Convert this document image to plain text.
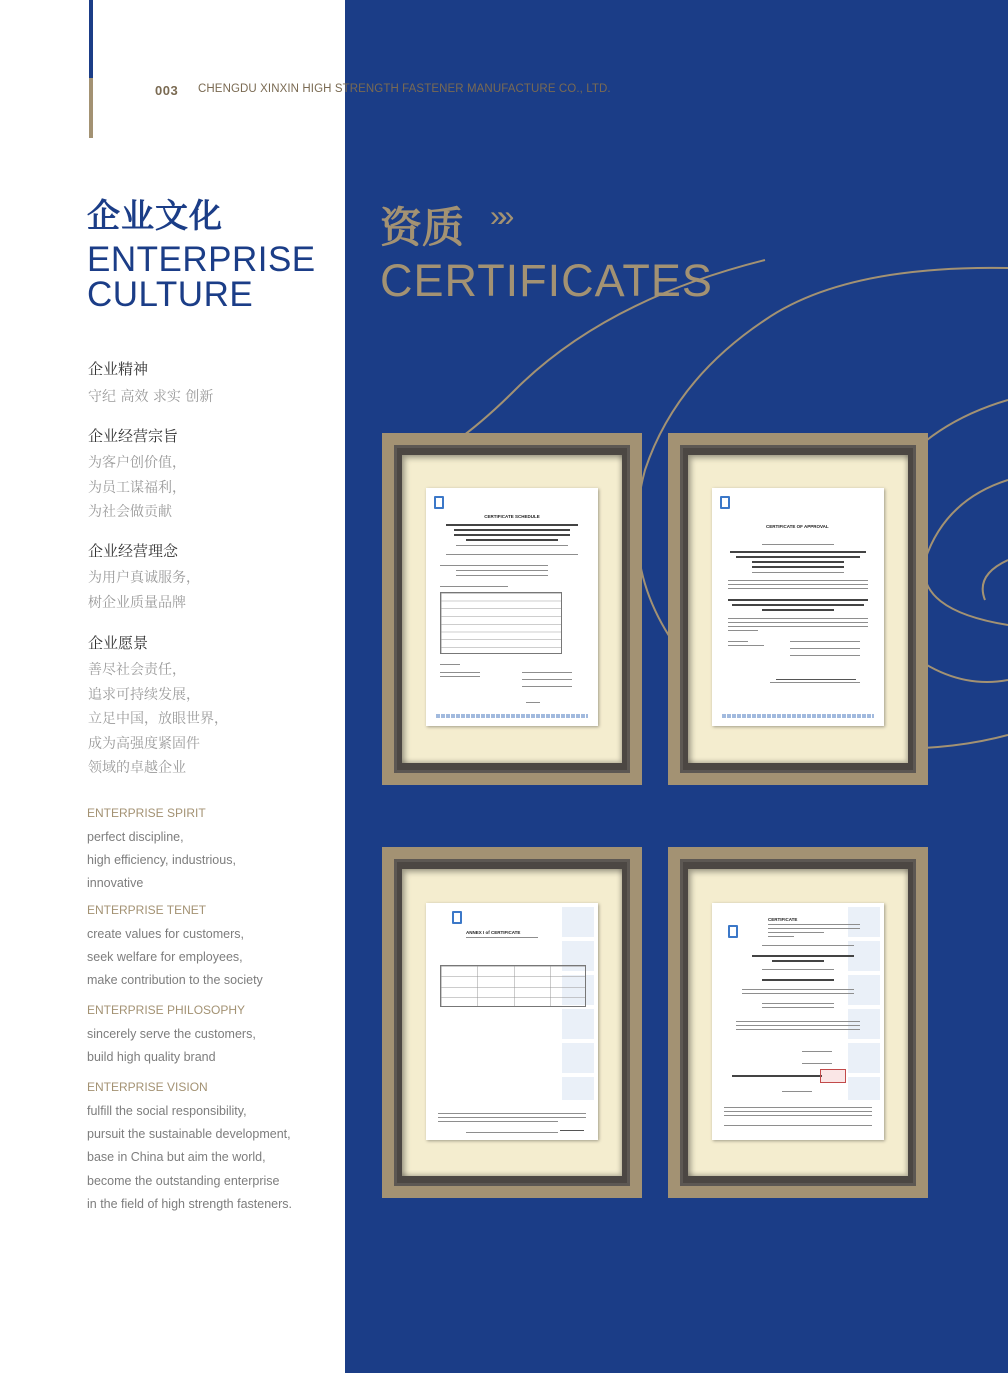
003 CHENGDU XINXIN HIGH STRENGTH FASTENER MANUFACTURE CO., LTD.
企业文化
ENTERPRISE
CULTURE
资质 »»
CERTIFICATES
企业精神
守纪 高效 求实 创新
企业经营宗旨
为客户创价值，
为员工谋福利，
为社会做贡献
企业经营理念
为用户真诚服务，
树企业质量品牌
企业愿景
善尽社会责任，
追求可持续发展，
立足中国，放眼世界，
成为高强度紧固件
领域的卓越企业
ENTERPRISE SPIRIT
perfect discipline,
high efficiency, industrious,
innovative
ENTERPRISE TENET
create values for customers,
seek welfare for employees,
make contribution to the society
ENTERPRISE PHILOSOPHY
sincerely serve the customers,
build high quality brand
ENTERPRISE VISION
fulfill the social responsibility,
pursuit the sustainable development,
base in China but aim the world,
become the outstanding enterprise
in the field of high strength fasteners.
CERTIFICATE SCHEDULE
CERTIFICATE OF APPROVAL
ANNEX I of CERTIFICATE
CERTIFICATE
